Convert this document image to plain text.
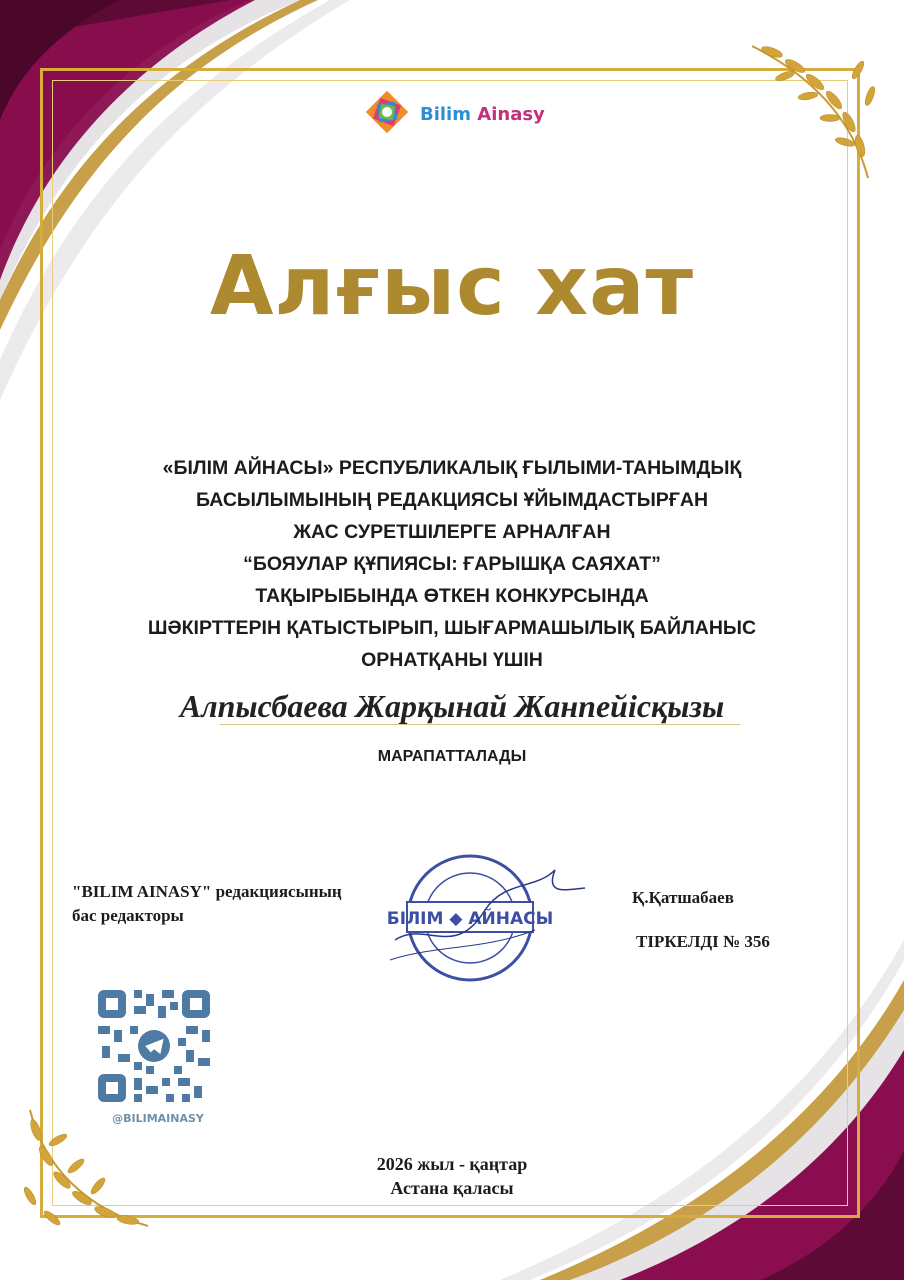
Bilim Ainasy
Алғыс хат
«БІЛІМ АЙНАСЫ» РЕСПУБЛИКАЛЫҚ ҒЫЛЫМИ-ТАНЫМДЫҚ
БАСЫЛЫМЫНЫҢ РЕДАКЦИЯСЫ ҰЙЫМДАСТЫРҒАН
ЖАС СУРЕТШІЛЕРГЕ АРНАЛҒАН
“БОЯУЛАР ҚҰПИЯСЫ: ҒАРЫШҚА САЯХАТ”
ТАҚЫРЫБЫНДА ӨТКЕН КОНКУРСЫНДА
ШӘКІРТТЕРІН ҚАТЫСТЫРЫП, ШЫҒАРМАШЫЛЫҚ БАЙЛАНЫС
ОРНАТҚАНЫ ҮШІН
Алпысбаева Жарқынай Жанпейісқызы
МАРАПАТТАЛАДЫ
"BILIM AINASY" редакциясының
бас редакторы	БІЛІМ ◆ АЙНАСЫ
Қ.Қатшабаев
ТІРКЕЛДІ № 356
@BILIMAINASY
2026 жыл - қаңтар
Астана қаласы
